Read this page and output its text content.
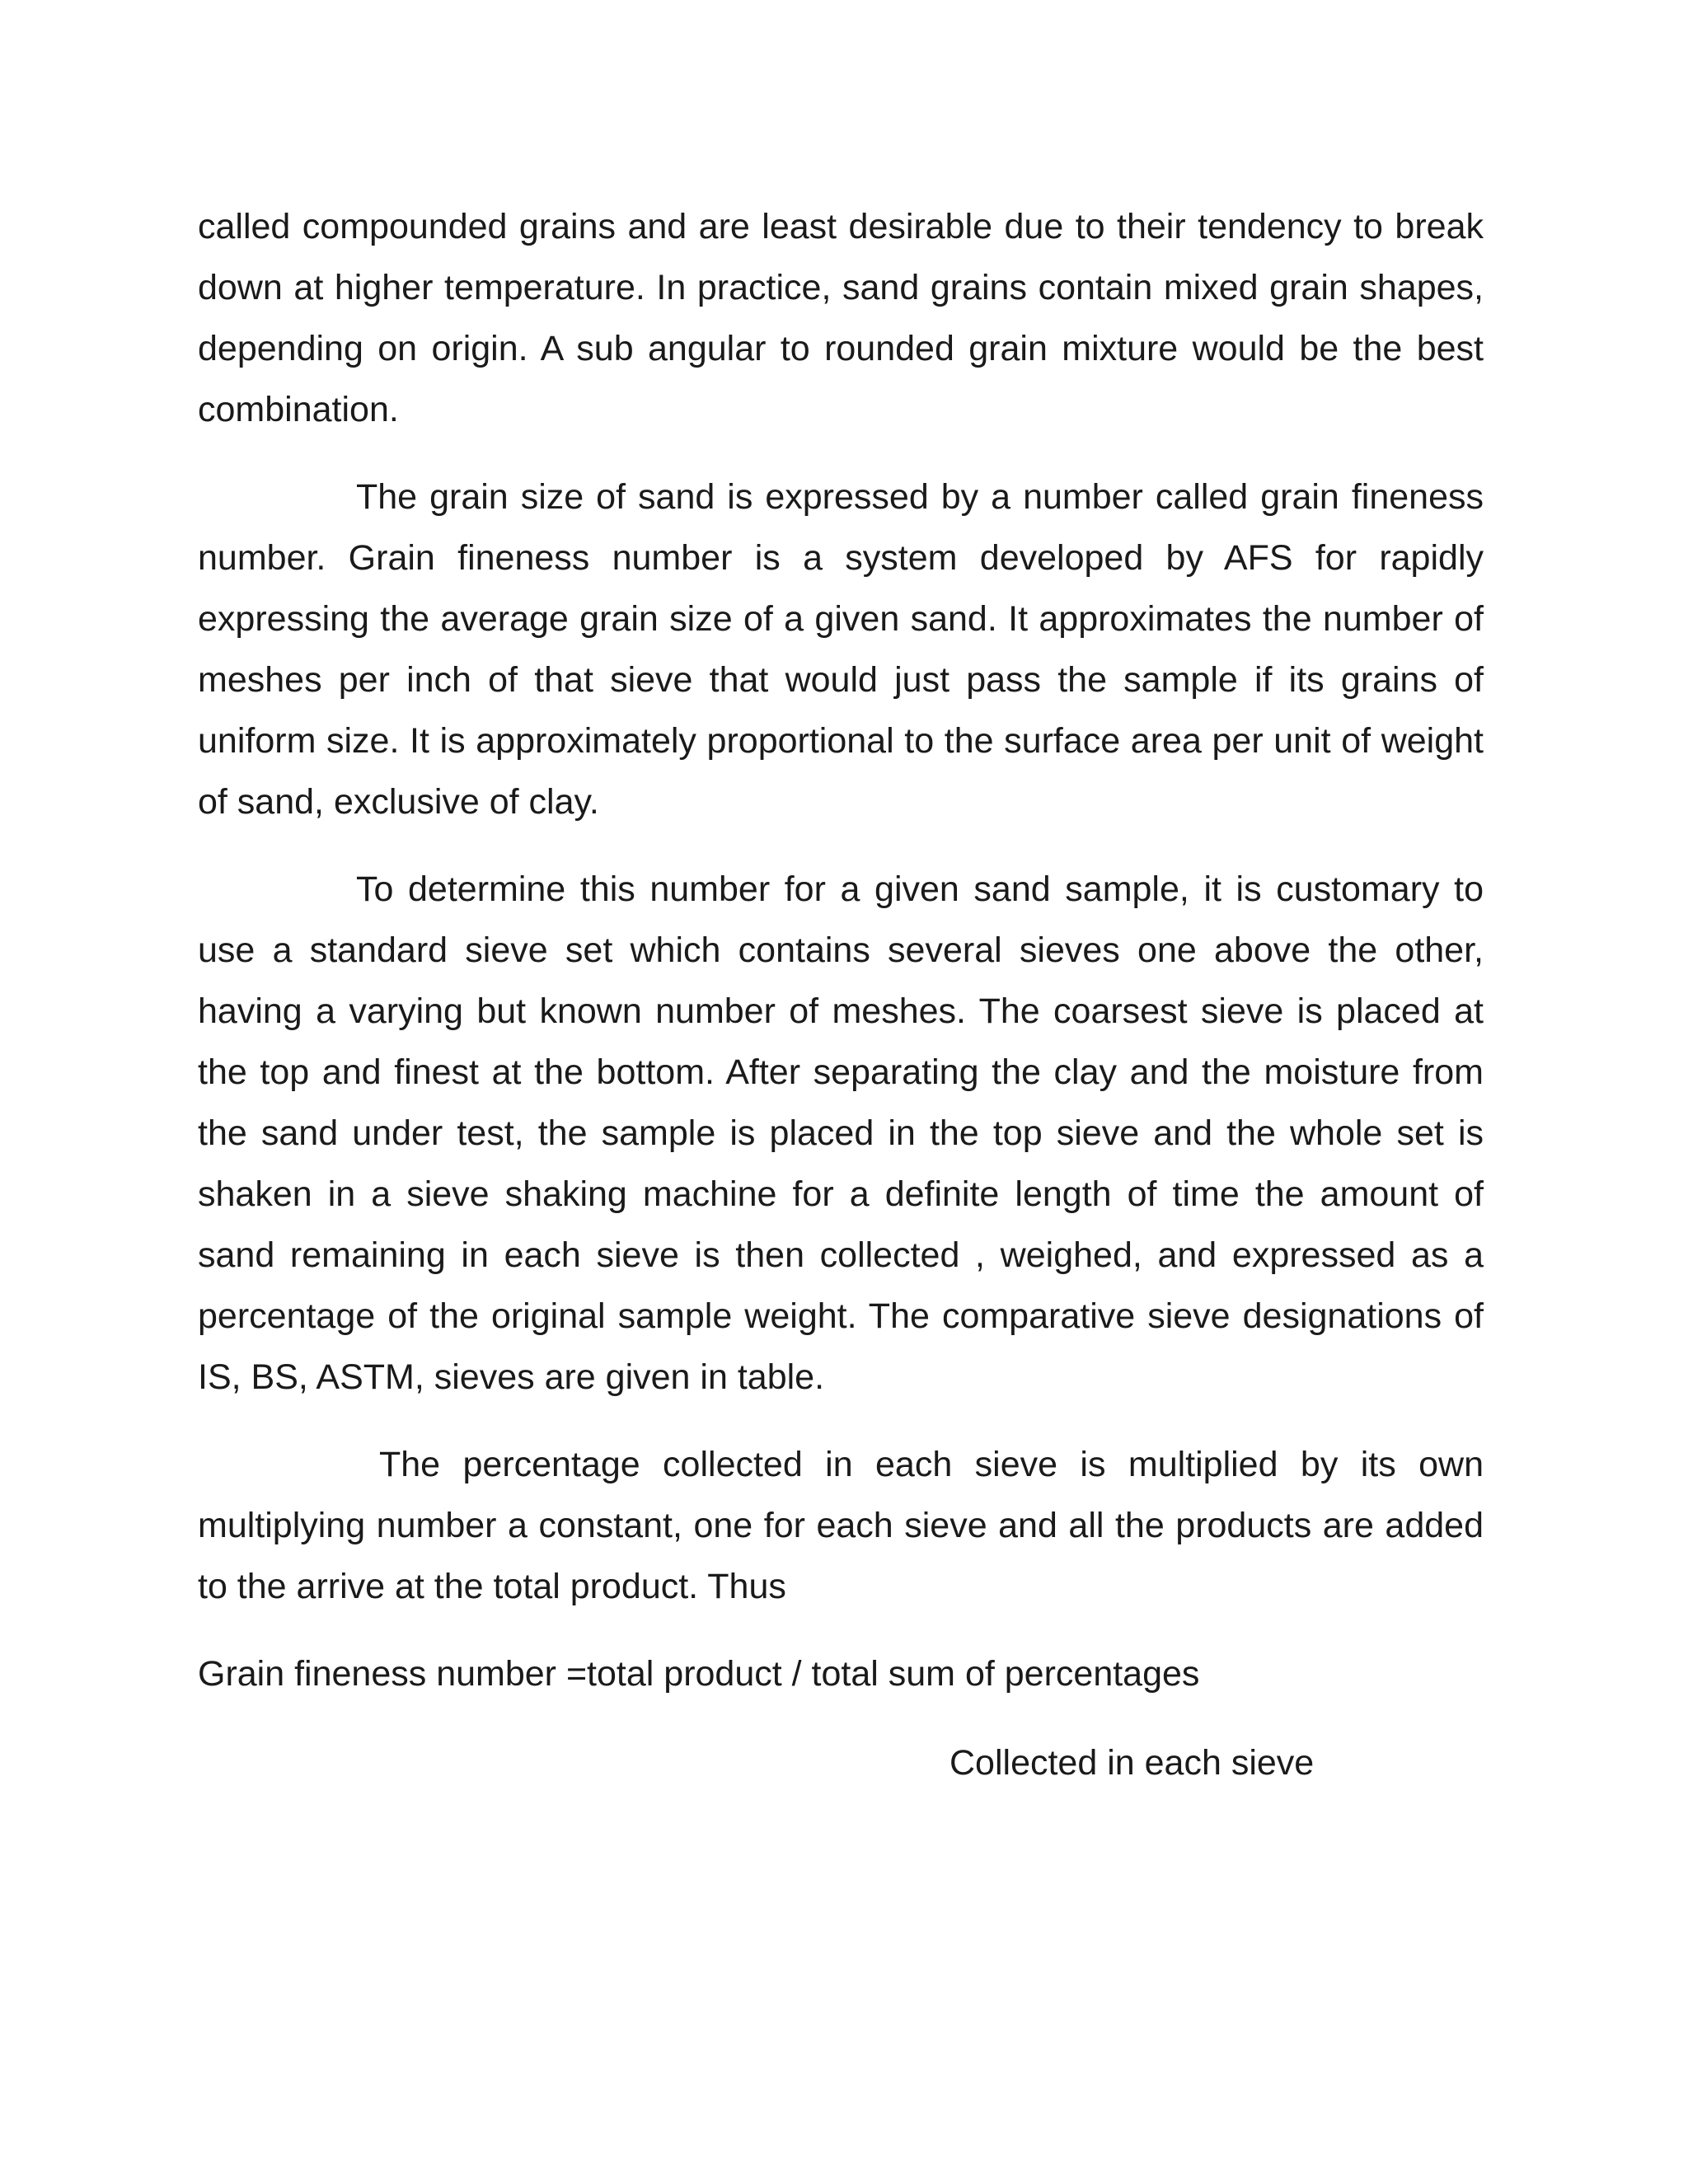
called compounded grains and are least desirable due to their tendency to break down at higher temperature. In practice, sand grains contain mixed grain shapes, depending on origin. A sub angular to rounded grain mixture would be the best combination.

The grain size of sand is expressed by a number called grain fineness number. Grain fineness number is a system developed by AFS for rapidly expressing the average grain size of a given sand. It approximates the number of meshes per inch of that sieve that would just pass the sample if its grains of uniform size. It is approximately proportional to the surface area per unit of weight of sand, exclusive of clay.

To determine this number for a given sand sample, it is customary to use a standard sieve set which contains several sieves one above the other, having a varying but known number of meshes. The coarsest sieve is placed at the top and finest at the bottom. After separating the clay and the moisture from the sand under test, the sample is placed in the top sieve and the whole set is shaken in a sieve shaking machine for a definite length of time the amount of sand remaining in each sieve is then collected , weighed, and expressed as a percentage of the original sample weight. The comparative sieve designations of IS, BS, ASTM, sieves are given in table.

The percentage collected in each sieve is multiplied by its own multiplying number a constant, one for each sieve and all the products are added to the arrive at the total product. Thus

Grain fineness number =total product / total sum of percentages

Collected in each sieve
